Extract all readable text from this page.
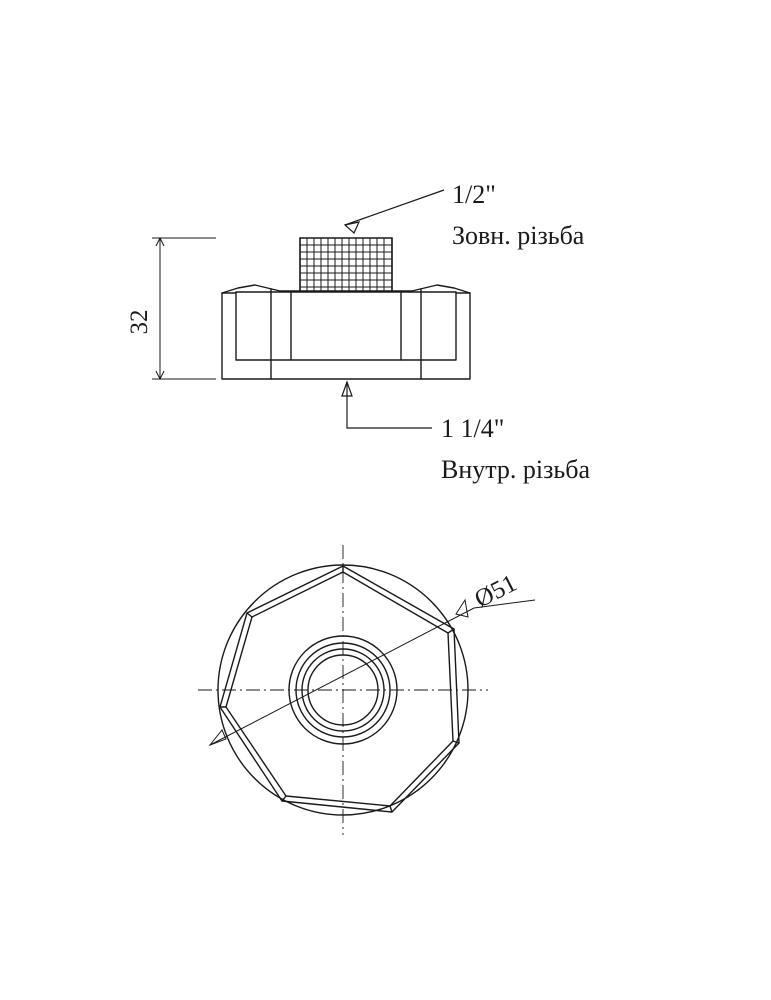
32
1/2"
Зовн. різьба
1 1/4"
Внутр. різьба
Ø51
